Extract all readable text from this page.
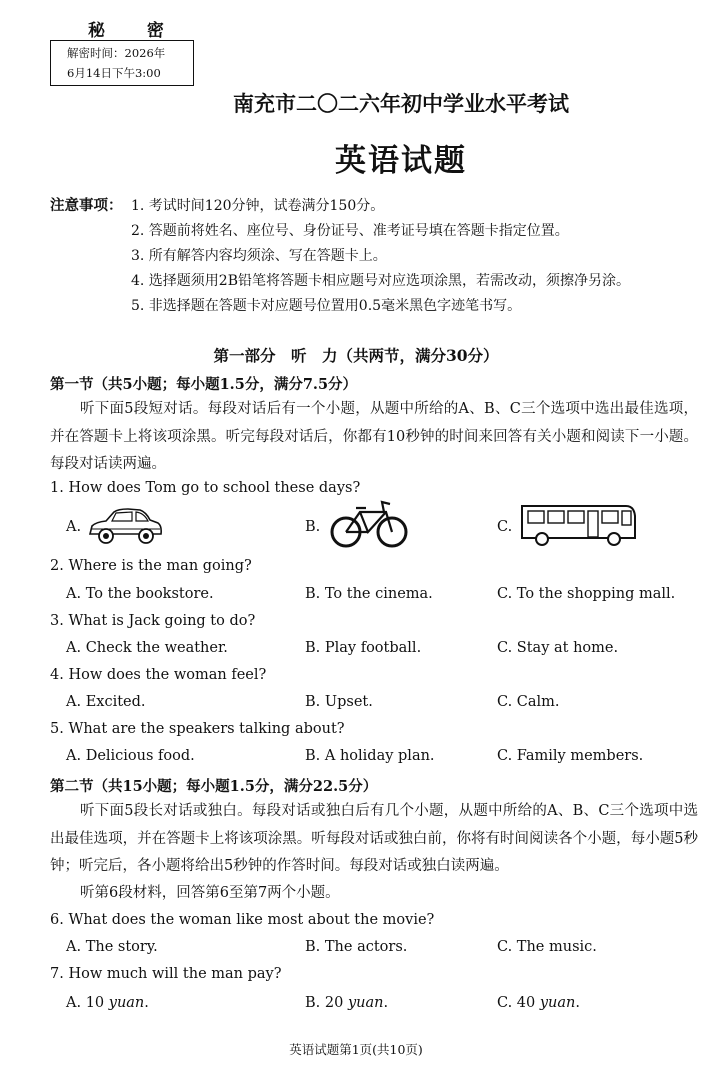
秘 密
解密时间：2026年
6月14日下午3:00
南充市二〇二六年初中学业水平考试
英语试题
注意事项： 1. 考试时间120分钟，试卷满分150分。
2. 答题前将姓名、座位号、身份证号、准考证号填在答题卡指定位置。
3. 所有解答内容均须涂、写在答题卡上。
4. 选择题须用2B铅笔将答题卡相应题号对应选项涂黑，若需改动，须擦净另涂。
5. 非选择题在答题卡对应题号位置用0.5毫米黑色字迹笔书写。
第一部分　听　力（共两节，满分30分）
第一节（共5小题；每小题1.5分，满分7.5分）
听下面5段短对话。每段对话后有一个小题，从题中所给的A、B、C三个选项中选出最佳选项，并在答题卡上将该项涂黑。听完每段对话后，你都有10秒钟的时间来回答有关小题和阅读下一小题。每段对话读两遍。
1. How does Tom go to school these days?
A.	B.	C.
2. Where is the man going?
A. To the bookstore.	B. To the cinema.	C. To the shopping mall.
3. What is Jack going to do?
A. Check the weather.	B. Play football.	C. Stay at home.
4. How does the woman feel?
A. Excited.	B. Upset.	C. Calm.
5. What are the speakers talking about?
A. Delicious food.	B. A holiday plan.	C. Family members.
第二节（共15小题；每小题1.5分，满分22.5分）
听下面5段长对话或独白。每段对话或独白后有几个小题，从题中所给的A、B、C三个选项中选出最佳选项，并在答题卡上将该项涂黑。听每段对话或独白前，你将有时间阅读各个小题，每小题5秒钟；听完后，各小题将给出5秒钟的作答时间。每段对话或独白读两遍。
听第6段材料，回答第6至第7两个小题。
6. What does the woman like most about the movie?
A. The story.	B. The actors.	C. The music.
7. How much will the man pay?
A. 10 yuan.	B. 20 yuan.	C. 40 yuan.
英语试题第1页(共10页)
